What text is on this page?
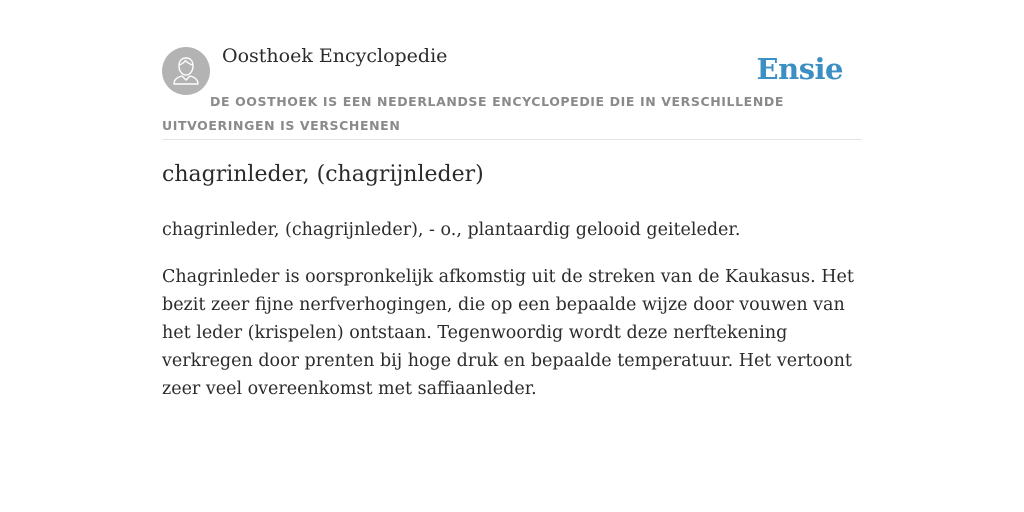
Oosthoek Encyclopedie	Ensie
DE OOSTHOEK IS EEN NEDERLANDSE ENCYCLOPEDIE DIE IN VERSCHILLENDE UITVOERINGEN IS VERSCHENEN
chagrinleder, (chagrijnleder)

chagrinleder, (chagrijnleder), - o., plantaardig gelooid geiteleder.

Chagrinleder is oorspronkelijk afkomstig uit de streken van de Kaukasus. Het bezit zeer fijne nerfverhogingen, die op een bepaalde wijze door vouwen van het leder (krispelen) ontstaan. Tegenwoordig wordt deze nerftekening verkregen door prenten bij hoge druk en bepaalde temperatuur. Het vertoont zeer veel overeenkomst met saffiaanleder.
